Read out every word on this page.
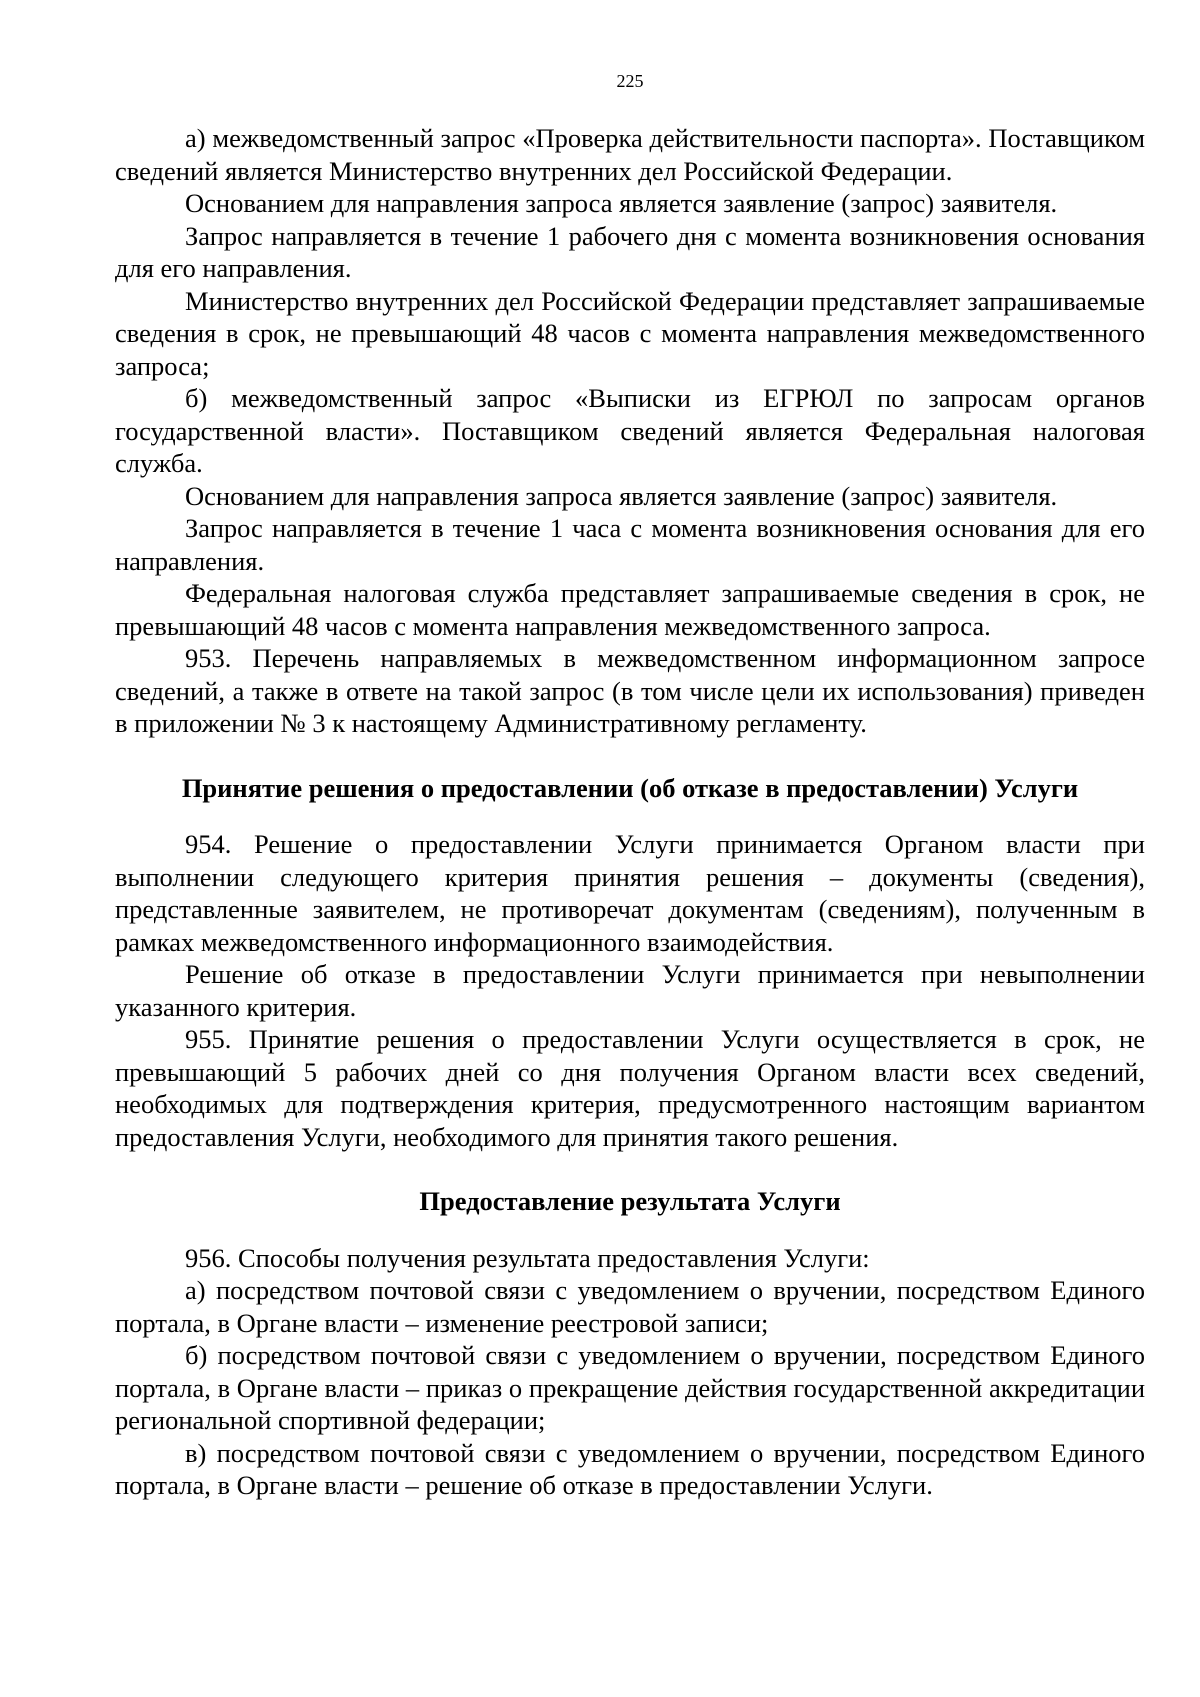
225

а) межведомственный запрос «Проверка действительности паспорта». Поставщиком сведений является Министерство внутренних дел Российской Федерации.

Основанием для направления запроса является заявление (запрос) заявителя.

Запрос направляется в течение 1 рабочего дня с момента возникновения основания для его направления.

Министерство внутренних дел Российской Федерации представляет запрашиваемые сведения в срок, не превышающий 48 часов с момента направления межведомственного запроса;

б) межведомственный запрос «Выписки из ЕГРЮЛ по запросам органов государственной власти». Поставщиком сведений является Федеральная налоговая служба.

Основанием для направления запроса является заявление (запрос) заявителя.

Запрос направляется в течение 1 часа с момента возникновения основания для его направления.

Федеральная налоговая служба представляет запрашиваемые сведения в срок, не превышающий 48 часов с момента направления межведомственного запроса.

953. Перечень направляемых в межведомственном информационном запросе сведений, а также в ответе на такой запрос (в том числе цели их использования) приведен в приложении № 3 к настоящему Административному регламенту.

Принятие решения о предоставлении (об отказе в предоставлении) Услуги

954. Решение о предоставлении Услуги принимается Органом власти при выполнении следующего критерия принятия решения – документы (сведения), представленные заявителем, не противоречат документам (сведениям), полученным в рамках межведомственного информационного взаимодействия.

Решение об отказе в предоставлении Услуги принимается при невыполнении указанного критерия.

955. Принятие решения о предоставлении Услуги осуществляется в срок, не превышающий 5 рабочих дней со дня получения Органом власти всех сведений, необходимых для подтверждения критерия, предусмотренного настоящим вариантом предоставления Услуги, необходимого для принятия такого решения.

Предоставление результата Услуги

956. Способы получения результата предоставления Услуги:

а) посредством почтовой связи с уведомлением о вручении, посредством Единого портала, в Органе власти – изменение реестровой записи;

б) посредством почтовой связи с уведомлением о вручении, посредством Единого портала, в Органе власти – приказ о прекращение действия государственной аккредитации региональной спортивной федерации;

в) посредством почтовой связи с уведомлением о вручении, посредством Единого портала, в Органе власти – решение об отказе в предоставлении Услуги.
